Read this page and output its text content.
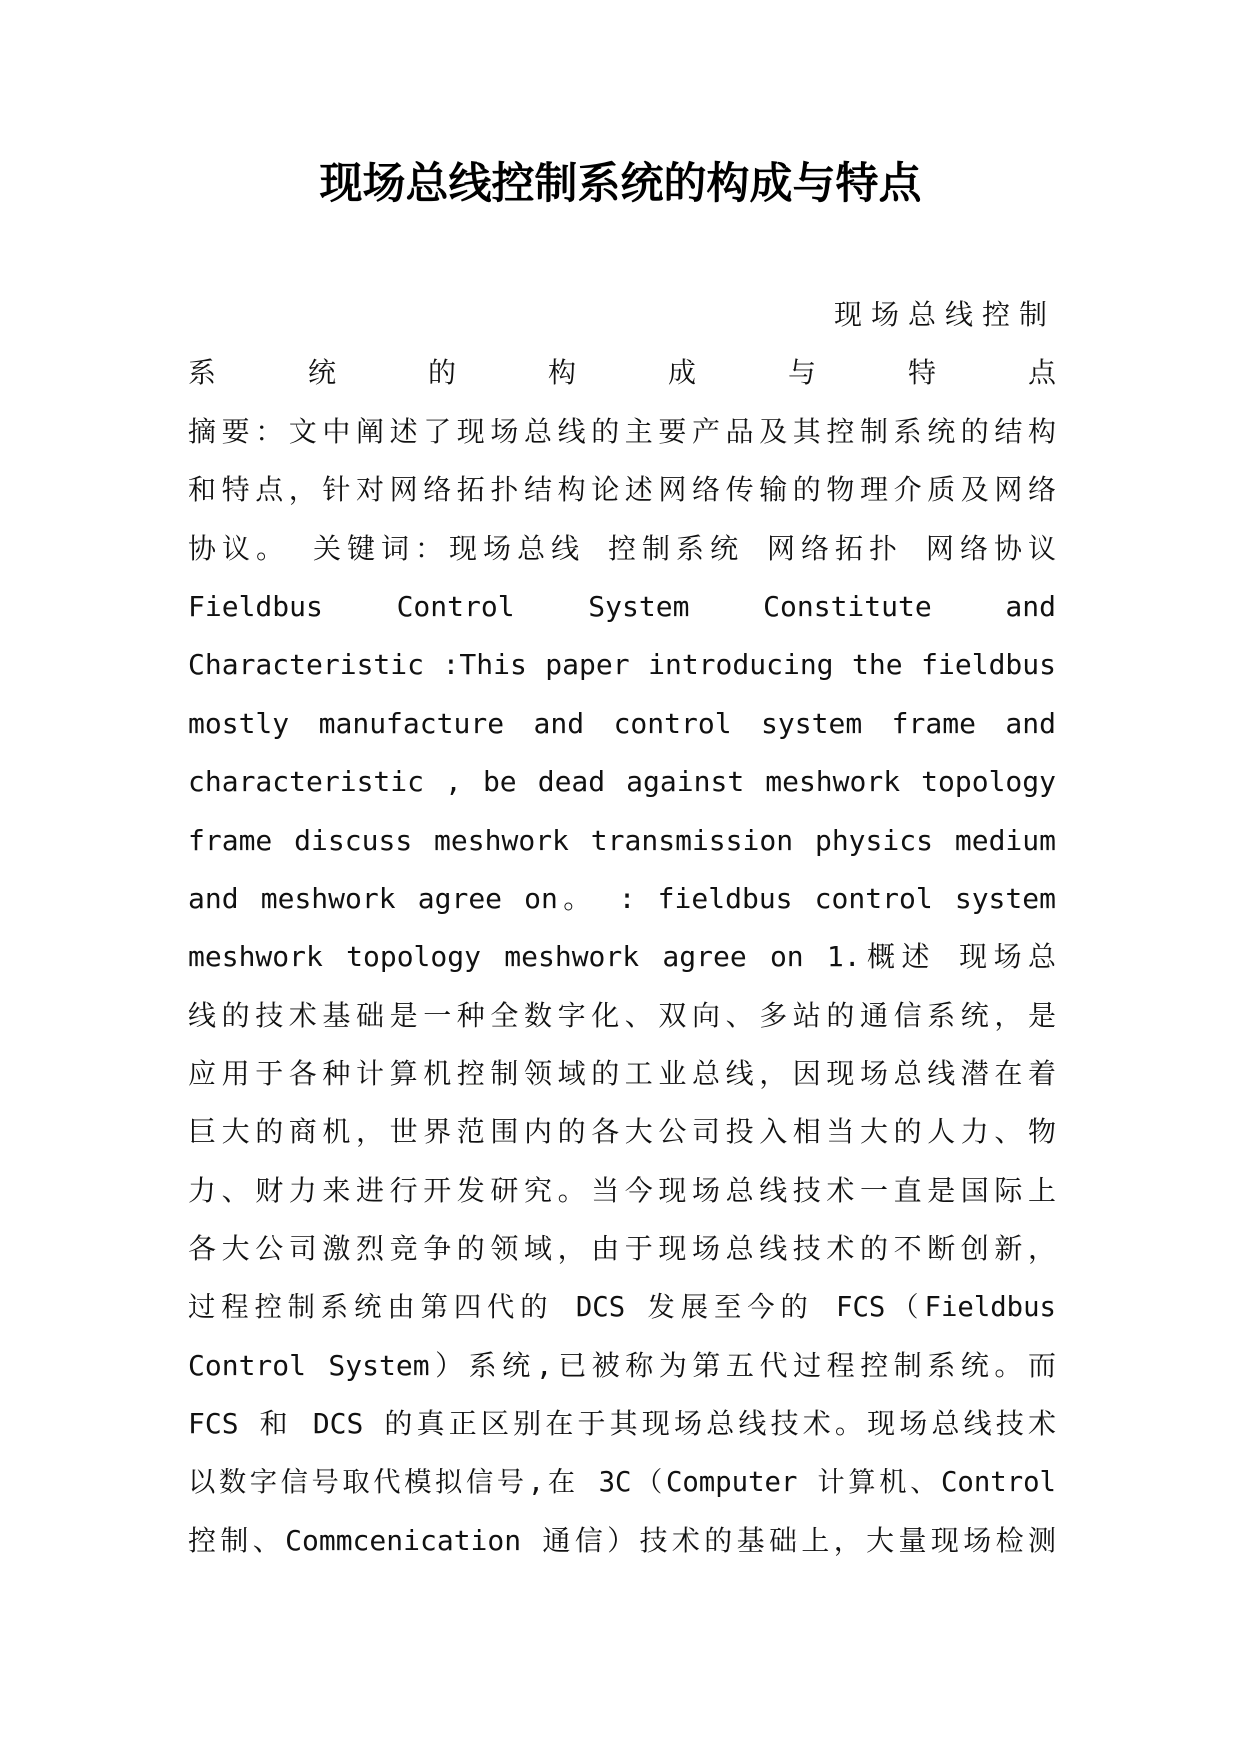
现场总线控制系统的构成与特点
现场总线控制
系 统 的 构 成 与 特 点
摘要：文中阐述了现场总线的主要产品及其控制系统的结构
和特点，针对网络拓扑结构论述网络传输的物理介质及网络
协议。 关键词：现场总线 控制系统 网络拓扑 网络协议
Fieldbus Control System Constitute and
Characteristic :This paper introducing the fieldbus
mostly manufacture and control system frame and
characteristic , be dead against meshwork topology
frame discuss meshwork transmission physics medium
and meshwork agree on。 : fieldbus control system
meshwork topology meshwork agree on 1.概述 现场总
线的技术基础是一种全数字化、双向、多站的通信系统，是
应用于各种计算机控制领域的工业总线，因现场总线潜在着
巨大的商机，世界范围内的各大公司投入相当大的人力、物
力、财力来进行开发研究。当今现场总线技术一直是国际上
各大公司激烈竞争的领域，由于现场总线技术的不断创新，
过程控制系统由第四代的 DCS 发展至今的 FCS（Fieldbus
Control System）系统,已被称为第五代过程控制系统。而
FCS 和 DCS 的真正区别在于其现场总线技术。现场总线技术
以数字信号取代模拟信号,在 3C（Computer 计算机、Control
控制、Commcenication 通信）技术的基础上，大量现场检测
